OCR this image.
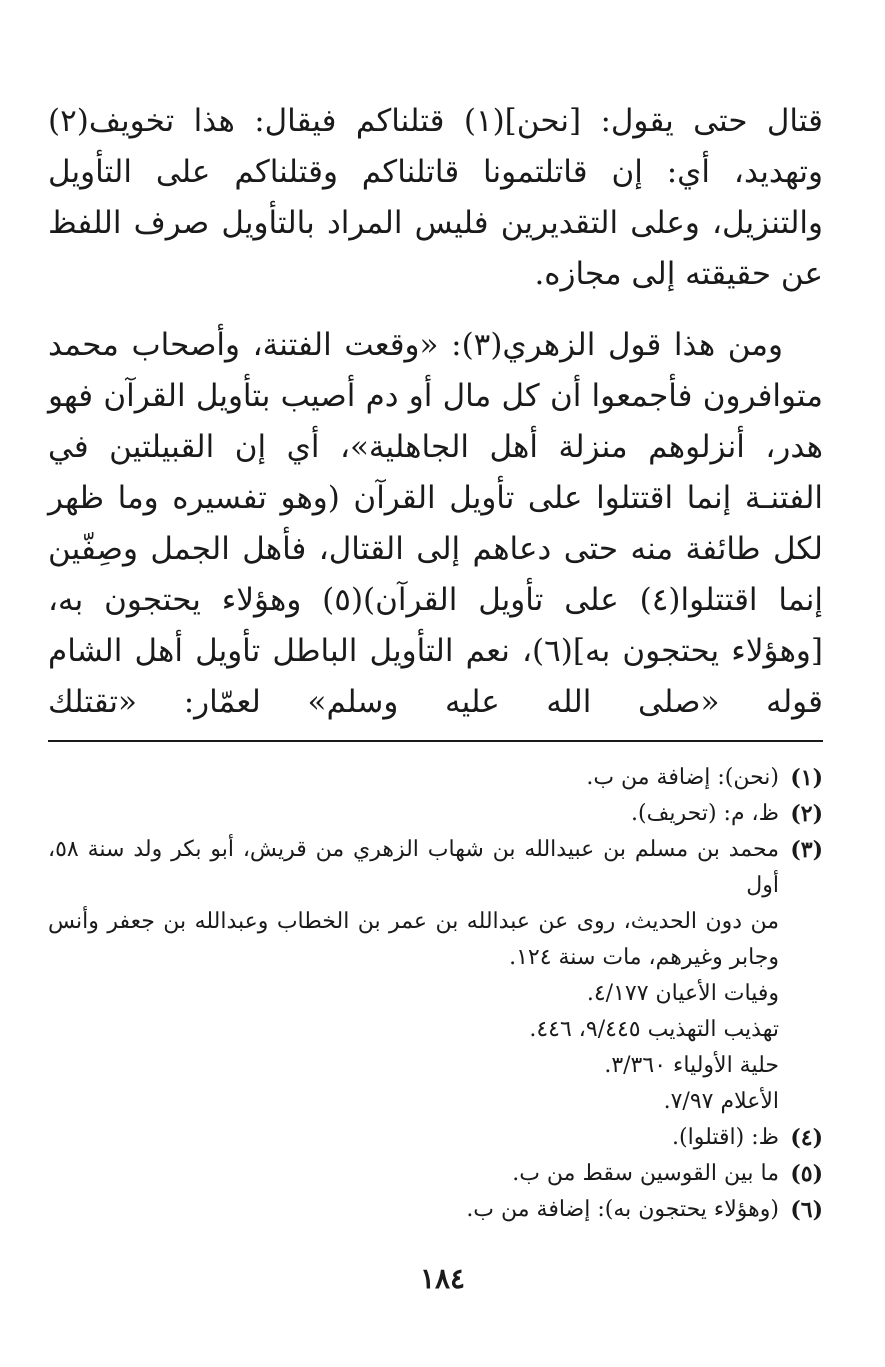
قتال حتى يقول: [نحن](١) قتلناكم فيقال: هذا تخويف(٢) وتهديد، أي: إن قاتلتمونا قاتلناكم وقتلناكم على التأويل والتنزيل، وعلى التقديرين فليس المراد بالتأويل صرف اللفظ عن حقيقته إلى مجازه.

ومن هذا قول الزهري(٣): «وقعت الفتنة، وأصحاب محمد متوافرون فأجمعوا أن كل مال أو دم أصيب بتأويل القرآن فهو هدر، أنزلوهم منزلة أهل الجاهلية»، أي إن القبيلتين في الفتنـة إنما اقتتلوا على تأويل القرآن (وهو تفسيره وما ظهر لكل طائفة منه حتى دعاهم إلى القتال، فأهل الجمل وصِفّين إنما اقتتلوا(٤) على تأويل القرآن)(٥) وهؤلاء يحتجون به، [وهؤلاء يحتجون به](٦)، نعم التأويل الباطل تأويل أهل الشام قوله «صلى الله عليه وسلم» لعمّار: «تقتلك

(١)
(نحن): إضافة من ب.
(٢)
ظ، م: (تحريف).
(٣)
محمد بن مسلم بن عبيدالله بن شهاب الزهري من قريش، أبو بكر ولد سنة ٥٨، أول
من دون الحديث، روى عن عبدالله بن عمر بن الخطاب وعبدالله بن جعفر وأنس
وجابر وغيرهم، مات سنة ١٢٤.
وفيات الأعيان ٤/١٧٧.
تهذيب التهذيب ٩/٤٤٥، ٤٤٦.
حلية الأولياء ٣/٣٦٠.
الأعلام ٧/٩٧.
(٤)
ظ: (اقتلوا).
(٥)
ما بين القوسين سقط من ب.
(٦)
(وهؤلاء يحتجون به): إضافة من ب.
١٨٤
